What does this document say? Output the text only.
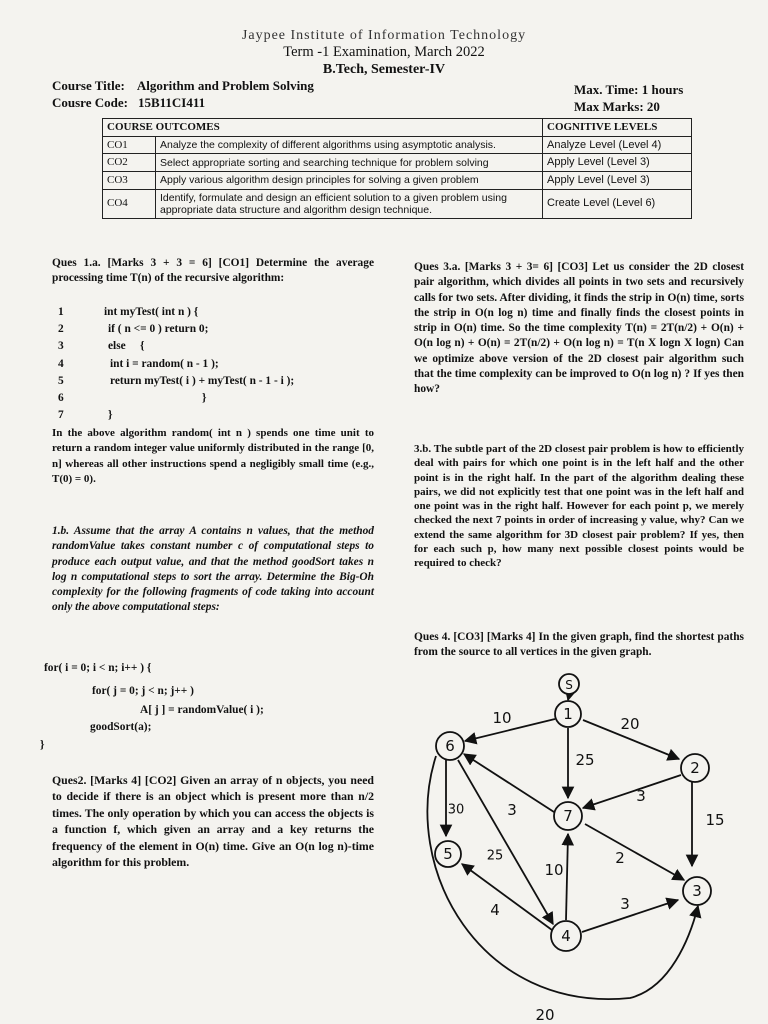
Jaypee Institute of Information Technology
Term -1 Examination, March 2022
B.Tech, Semester-IV
Course Title: Algorithm and Problem Solving
Cousre Code: 15B11CI411
Max. Time: 1 hours
Max Marks: 20
COURSE OUTCOMES		COGNITIVE LEVELS
CO1	Analyze the complexity of different algorithms using asymptotic analysis.	Analyze Level (Level 4)
CO2	Select appropriate sorting and searching technique for problem solving	Apply Level (Level 3)
CO3	Apply various algorithm design principles for solving a given problem	Apply Level (Level 3)
CO4	Identify, formulate and design an efficient solution to a given problem using appropriate data structure and algorithm design technique.	Create Level (Level 6)
Ques 1.a. [Marks 3 + 3 = 6] [CO1] Determine the average processing time T(n) of the recursive algorithm:
1	int myTest( int n ) {
2	if ( n <= 0 ) return 0;
3	else     {
4	int i = random( n - 1 );
5	return myTest( i ) + myTest( n - 1 - i );
6	}
7	}
In the above algorithm random( int n ) spends one time unit to return a random integer value uniformly distributed in the range [0, n] whereas all other instructions spend a negligibly small time (e.g., T(0) = 0).
1.b. Assume that the array A contains n values, that the method randomValue takes constant number c of computational steps to produce each output value, and that the method goodSort takes n log n computational steps to sort the array. Determine the Big-Oh complexity for the following fragments of code taking into account only the above computational steps:
for( i = 0; i < n; i++ ) {
for( j = 0; j < n; j++ )
A[ j ] = randomValue( i );
goodSort(a);
}
Ques2. [Marks 4] [CO2] Given an array of n objects, you need to decide if there is an object which is present more than n/2 times. The only operation by which you can access the objects is a function f, which given an array and a key returns the frequency of the element in O(n) time. Give an O(n log n)-time algorithm for this problem.
Ques 3.a. [Marks 3 + 3= 6] [CO3] Let us consider the 2D closest pair algorithm, which divides all points in two sets and recursively calls for two sets. After dividing, it finds the strip in O(n) time, sorts the strip in O(n log n) time and finally finds the closest points in strip in O(n) time. So the time complexity T(n) = 2T(n/2) + O(n) + O(n log n) + O(n) = 2T(n/2) + O(n log n) = T(n X logn X logn) Can we optimize above version of the 2D closest pair algorithm such that the time complexity can be improved to O(n log n) ? If yes then how?
3.b. The subtle part of the 2D closest pair problem is how to efficiently deal with pairs for which one point is in the left half and the other point is in the right half. In the part of the algorithm dealing these pairs, we did not explicitly test that one point was in the left half and one point was in the right half. However for each point p, we merely checked the next 7 points in order of increasing y value, why? Can we extend the same algorithm for 3D closest pair problem? If yes, then for each such p, how many next possible closest points would be required to check?
Ques 4. [CO3] [Marks 4] In the given graph, find the shortest paths from the source to all vertices in the given graph.
S
1
2
3
4
5
6
7
10	20
25
3
15
30	3
25
10
2
4	3
20
